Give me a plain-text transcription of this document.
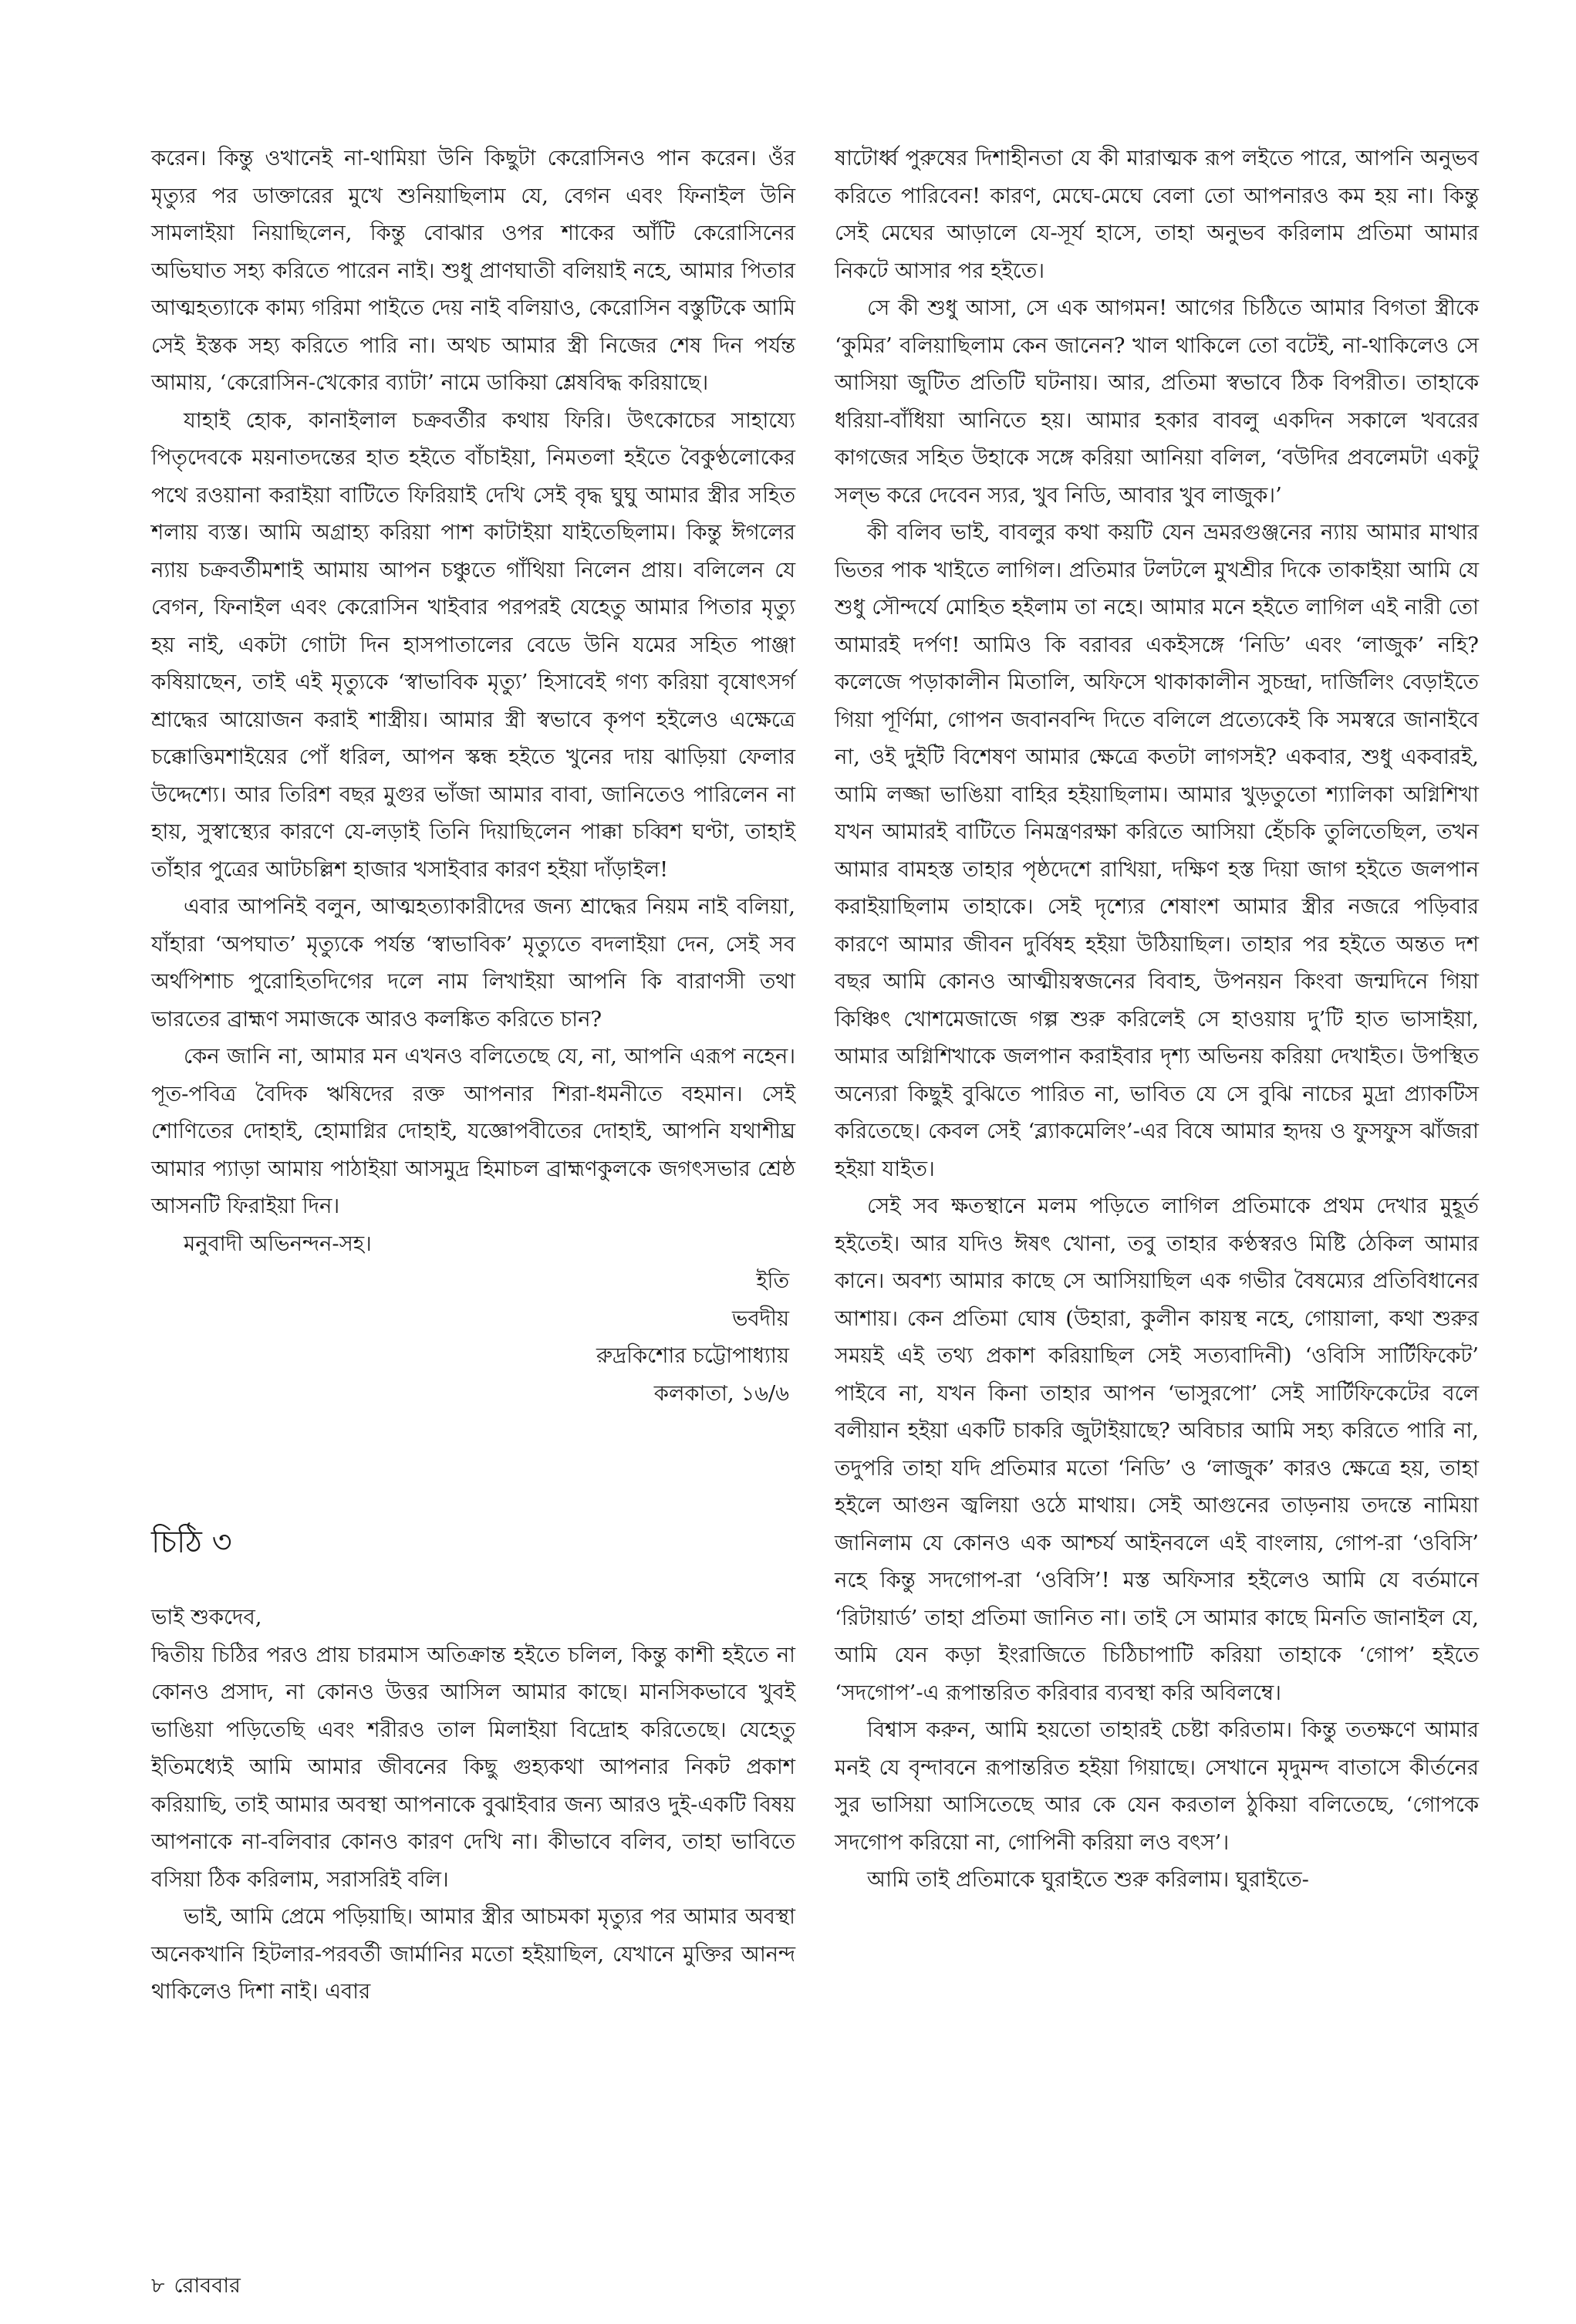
করেন। কিন্তু ওখানেই না-থামিয়া উনি কিছুটা কেরোসিনও পান করেন। ওঁর মৃত্যুর পর ডাক্তারের মুখে শুনিয়াছিলাম যে, বেগন এবং ফিনাইল উনি সামলাইয়া নিয়াছিলেন, কিন্তু বোঝার ওপর শাকের আঁটি কেরোসিনের অভিঘাত সহ্য করিতে পারেন নাই। শুধু প্রাণঘাতী বলিয়াই নহে, আমার পিতার আত্মহত্যাকে কাম্য গরিমা পাইতে দেয় নাই বলিয়াও, কেরোসিন বস্তুটিকে আমি সেই ইস্তক সহ্য করিতে পারি না। অথচ আমার স্ত্রী নিজের শেষ দিন পর্যন্ত আমায়, ‘কেরোসিন-খেকোর ব্যাটা’ নামে ডাকিয়া শ্লেষবিদ্ধ করিয়াছে।

যাহাই হোক, কানাইলাল চক্রবর্তীর কথায় ফিরি। উৎকোচের সাহায্যে পিতৃদেবকে ময়নাতদন্তের হাত হইতে বাঁচাইয়া, নিমতলা হইতে বৈকুণ্ঠলোকের পথে রওয়ানা করাইয়া বাটিতে ফিরিয়াই দেখি সেই বৃদ্ধ ঘুঘু আমার স্ত্রীর সহিত শলায় ব্যস্ত। আমি অগ্রাহ্য করিয়া পাশ কাটাইয়া যাইতেছিলাম। কিন্তু ঈগলের ন্যায় চক্রবর্তীমশাই আমায় আপন চঞ্চুতে গাঁথিয়া নিলেন প্রায়। বলিলেন যে বেগন, ফিনাইল এবং কেরোসিন খাইবার পরপরই যেহেতু আমার পিতার মৃত্যু হয় নাই, একটা গোটা দিন হাসপাতালের বেডে উনি যমের সহিত পাঞ্জা কষিয়াছেন, তাই এই মৃত্যুকে ‘স্বাভাবিক মৃত্যু’ হিসাবেই গণ্য করিয়া বৃষোৎসর্গ শ্রাদ্ধের আয়োজন করাই শাস্ত্রীয়। আমার স্ত্রী স্বভাবে কৃপণ হইলেও এক্ষেত্রে চক্কোত্তিমশাইয়ের পোঁ ধরিল, আপন স্কন্ধ হইতে খুনের দায় ঝাড়িয়া ফেলার উদ্দেশ্যে। আর তিরিশ বছর মুগুর ভাঁজা আমার বাবা, জানিতেও পারিলেন না হায়, সুস্বাস্থ্যের কারণে যে-লড়াই তিনি দিয়াছিলেন পাক্কা চব্বিশ ঘণ্টা, তাহাই তাঁহার পুত্রের আটচল্লিশ হাজার খসাইবার কারণ হইয়া দাঁড়াইল!

এবার আপনিই বলুন, আত্মহত্যাকারীদের জন্য শ্রাদ্ধের নিয়ম নাই বলিয়া, যাঁহারা ‘অপঘাত’ মৃত্যুকে পর্যন্ত ‘স্বাভাবিক’ মৃত্যুতে বদলাইয়া দেন, সেই সব অর্থপিশাচ পুরোহিতদিগের দলে নাম লিখাইয়া আপনি কি বারাণসী তথা ভারতের ব্রাহ্মণ সমাজকে আরও কলঙ্কিত করিতে চান?

কেন জানি না, আমার মন এখনও বলিতেছে যে, না, আপনি এরূপ নহেন। পূত-পবিত্র বৈদিক ঋষিদের রক্ত আপনার শিরা-ধমনীতে বহমান। সেই শোণিতের দোহাই, হোমাগ্নির দোহাই, যজ্ঞোপবীতের দোহাই, আপনি যথাশীঘ্র আমার প্যাড়া আমায় পাঠাইয়া আসমুদ্র হিমাচল ব্রাহ্মণকুলকে জগৎসভার শ্রেষ্ঠ আসনটি ফিরাইয়া দিন।

মনুবাদী অভিনন্দন-সহ।

ইতি
ভবদীয়
রুদ্রকিশোর চট্টোপাধ্যায়
কলকাতা, ১৬/৬
চিঠি ৩

ভাই শুকদেব,

দ্বিতীয় চিঠির পরও প্রায় চারমাস অতিক্রান্ত হইতে চলিল, কিন্তু কাশী হইতে না কোনও প্রসাদ, না কোনও উত্তর আসিল আমার কাছে। মানসিকভাবে খুবই ভাঙিয়া পড়িতেছি এবং শরীরও তাল মিলাইয়া বিদ্রোহ করিতেছে। যেহেতু ইতিমধ্যেই আমি আমার জীবনের কিছু গুহ্যকথা আপনার নিকট প্রকাশ করিয়াছি, তাই আমার অবস্থা আপনাকে বুঝাইবার জন্য আরও দুই-একটি বিষয় আপনাকে না-বলিবার কোনও কারণ দেখি না। কীভাবে বলিব, তাহা ভাবিতে বসিয়া ঠিক করিলাম, সরাসরিই বলি।

ভাই, আমি প্রেমে পড়িয়াছি। আমার স্ত্রীর আচমকা মৃত্যুর পর আমার অবস্থা অনেকখানি হিটলার-পরবর্তী জার্মানির মতো হইয়াছিল, যেখানে মুক্তির আনন্দ থাকিলেও দিশা নাই। এবার

ষাটোর্ধ্ব পুরুষের দিশাহীনতা যে কী মারাত্মক রূপ লইতে পারে, আপনি অনুভব করিতে পারিবেন! কারণ, মেঘে-মেঘে বেলা তো আপনারও কম হয় না। কিন্তু সেই মেঘের আড়ালে যে-সূর্য হাসে, তাহা অনুভব করিলাম প্রতিমা আমার নিকটে আসার পর হইতে।

সে কী শুধু আসা, সে এক আগমন! আগের চিঠিতে আমার বিগতা স্ত্রীকে ‘কুমির’ বলিয়াছিলাম কেন জানেন? খাল থাকিলে তো বটেই, না-থাকিলেও সে আসিয়া জুটিত প্রতিটি ঘটনায়। আর, প্রতিমা স্বভাবে ঠিক বিপরীত। তাহাকে ধরিয়া-বাঁধিয়া আনিতে হয়। আমার হকার বাবলু একদিন সকালে খবরের কাগজের সহিত উহাকে সঙ্গে করিয়া আনিয়া বলিল, ‘বউদির প্রবলেমটা একটু সল্ভ করে দেবেন স্যর, খুব নিডি, আবার খুব লাজুক।’

কী বলিব ভাই, বাবলুর কথা কয়টি যেন ভ্রমরগুঞ্জনের ন্যায় আমার মাথার ভিতর পাক খাইতে লাগিল। প্রতিমার টলটলে মুখশ্রীর দিকে তাকাইয়া আমি যে শুধু সৌন্দর্যে মোহিত হইলাম তা নহে। আমার মনে হইতে লাগিল এই নারী তো আমারই দর্পণ! আমিও কি বরাবর একইসঙ্গে ‘নিডি’ এবং ‘লাজুক’ নহি? কলেজে পড়াকালীন মিতালি, অফিসে থাকাকালীন সুচন্দ্রা, দার্জিলিং বেড়াইতে গিয়া পূর্ণিমা, গোপন জবানবন্দি দিতে বলিলে প্রত্যেকেই কি সমস্বরে জানাইবে না, ওই দুইটি বিশেষণ আমার ক্ষেত্রে কতটা লাগসই? একবার, শুধু একবারই, আমি লজ্জা ভাঙিয়া বাহির হইয়াছিলাম। আমার খুড়তুতো শ্যালিকা অগ্নিশিখা যখন আমারই বাটিতে নিমন্ত্রণরক্ষা করিতে আসিয়া হেঁচকি তুলিতেছিল, তখন আমার বামহস্ত তাহার পৃষ্ঠদেশে রাখিয়া, দক্ষিণ হস্ত দিয়া জাগ হইতে জলপান করাইয়াছিলাম তাহাকে। সেই দৃশ্যের শেষাংশ আমার স্ত্রীর নজরে পড়িবার কারণে আমার জীবন দুর্বিষহ হইয়া উঠিয়াছিল। তাহার পর হইতে অন্তত দশ বছর আমি কোনও আত্মীয়স্বজনের বিবাহ, উপনয়ন কিংবা জন্মদিনে গিয়া কিঞ্চিৎ খোশমেজাজে গল্প শুরু করিলেই সে হাওয়ায় দু’টি হাত ভাসাইয়া, আমার অগ্নিশিখাকে জলপান করাইবার দৃশ্য অভিনয় করিয়া দেখাইত। উপস্থিত অন্যেরা কিছুই বুঝিতে পারিত না, ভাবিত যে সে বুঝি নাচের মুদ্রা প্র্যাকটিস করিতেছে। কেবল সেই ‘ব্ল্যাকমেলিং’-এর বিষে আমার হৃদয় ও ফুসফুস ঝাঁজরা হইয়া যাইত।

সেই সব ক্ষতস্থানে মলম পড়িতে লাগিল প্রতিমাকে প্রথম দেখার মুহূর্ত হইতেই। আর যদিও ঈষৎ খোনা, তবু তাহার কণ্ঠস্বরও মিষ্টি ঠেকিল আমার কানে। অবশ্য আমার কাছে সে আসিয়াছিল এক গভীর বৈষম্যের প্রতিবিধানের আশায়। কেন প্রতিমা ঘোষ (উহারা, কুলীন কায়স্থ নহে, গোয়ালা, কথা শুরুর সময়ই এই তথ্য প্রকাশ করিয়াছিল সেই সত্যবাদিনী) ‘ওবিসি সার্টিফিকেট’ পাইবে না, যখন কিনা তাহার আপন ‘ভাসুরপো’ সেই সার্টিফিকেটের বলে বলীয়ান হইয়া একটি চাকরি জুটাইয়াছে? অবিচার আমি সহ্য করিতে পারি না, তদুপরি তাহা যদি প্রতিমার মতো ‘নিডি’ ও ‘লাজুক’ কারও ক্ষেত্রে হয়, তাহা হইলে আগুন জ্বলিয়া ওঠে মাথায়। সেই আগুনের তাড়নায় তদন্তে নামিয়া জানিলাম যে কোনও এক আশ্চর্য আইনবলে এই বাংলায়, গোপ-রা ‘ওবিসি’ নহে কিন্তু সদগোপ-রা ‘ওবিসি’! মস্ত অফিসার হইলেও আমি যে বর্তমানে ‘রিটায়ার্ড’ তাহা প্রতিমা জানিত না। তাই সে আমার কাছে মিনতি জানাইল যে, আমি যেন কড়া ইংরাজিতে চিঠিচাপাটি করিয়া তাহাকে ‘গোপ’ হইতে ‘সদগোপ’-এ রূপান্তরিত করিবার ব্যবস্থা করি অবিলম্বে।

বিশ্বাস করুন, আমি হয়তো তাহারই চেষ্টা করিতাম। কিন্তু ততক্ষণে আমার মনই যে বৃন্দাবনে রূপান্তরিত হইয়া গিয়াছে। সেখানে মৃদুমন্দ বাতাসে কীর্তনের সুর ভাসিয়া আসিতেছে আর কে যেন করতাল ঠুকিয়া বলিতেছে, ‘গোপকে সদগোপ করিয়ো না, গোপিনী করিয়া লও বৎস’।

আমি তাই প্রতিমাকে ঘুরাইতে শুরু করিলাম। ঘুরাইতে-

৮ রোববার
